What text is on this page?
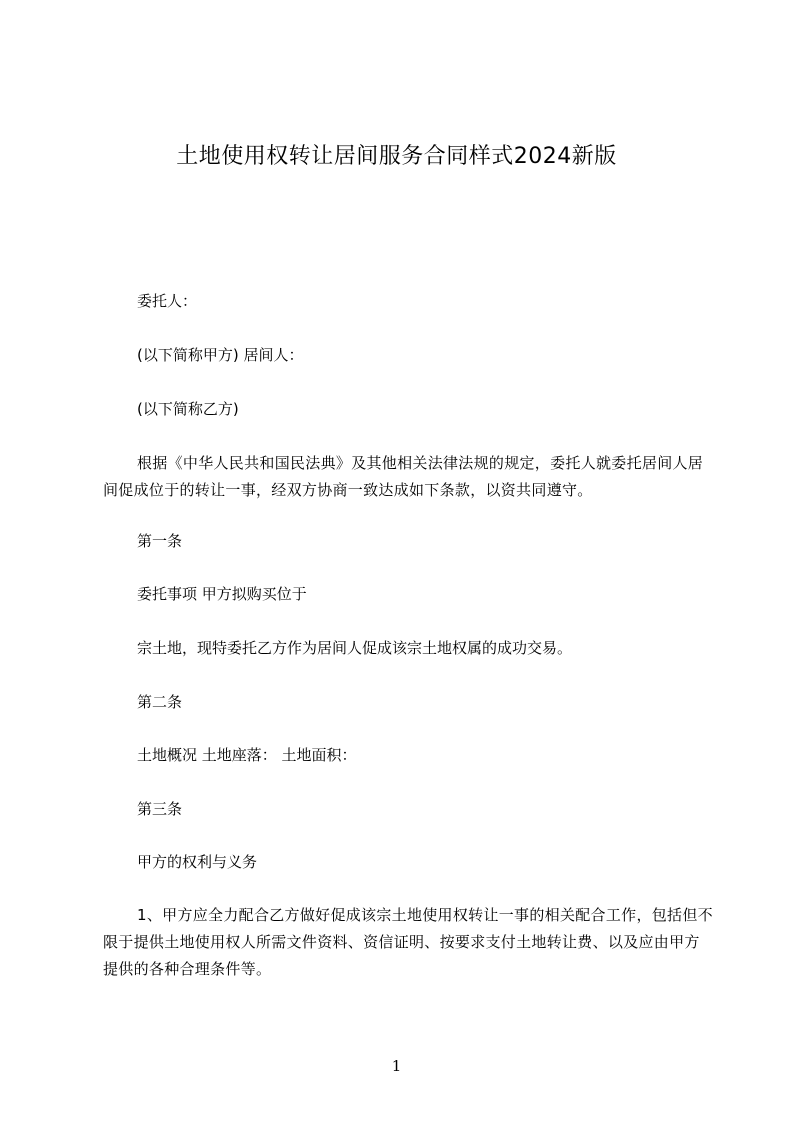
土地使用权转让居间服务合同样式2024新版
委托人：
(以下简称甲方) 居间人：
(以下简称乙方)
根据《中华人民共和国民法典》及其他相关法律法规的规定，委托人就委托居间人居间促成位于的转让一事，经双方协商一致达成如下条款，以资共同遵守。
第一条
委托事项 甲方拟购买位于
宗土地，现特委托乙方作为居间人促成该宗土地权属的成功交易。
第二条
土地概况 土地座落： 土地面积：
第三条
甲方的权利与义务
1、甲方应全力配合乙方做好促成该宗土地使用权转让一事的相关配合工作，包括但不限于提供土地使用权人所需文件资料、资信证明、按要求支付土地转让费、以及应由甲方提供的各种合理条件等。
1
